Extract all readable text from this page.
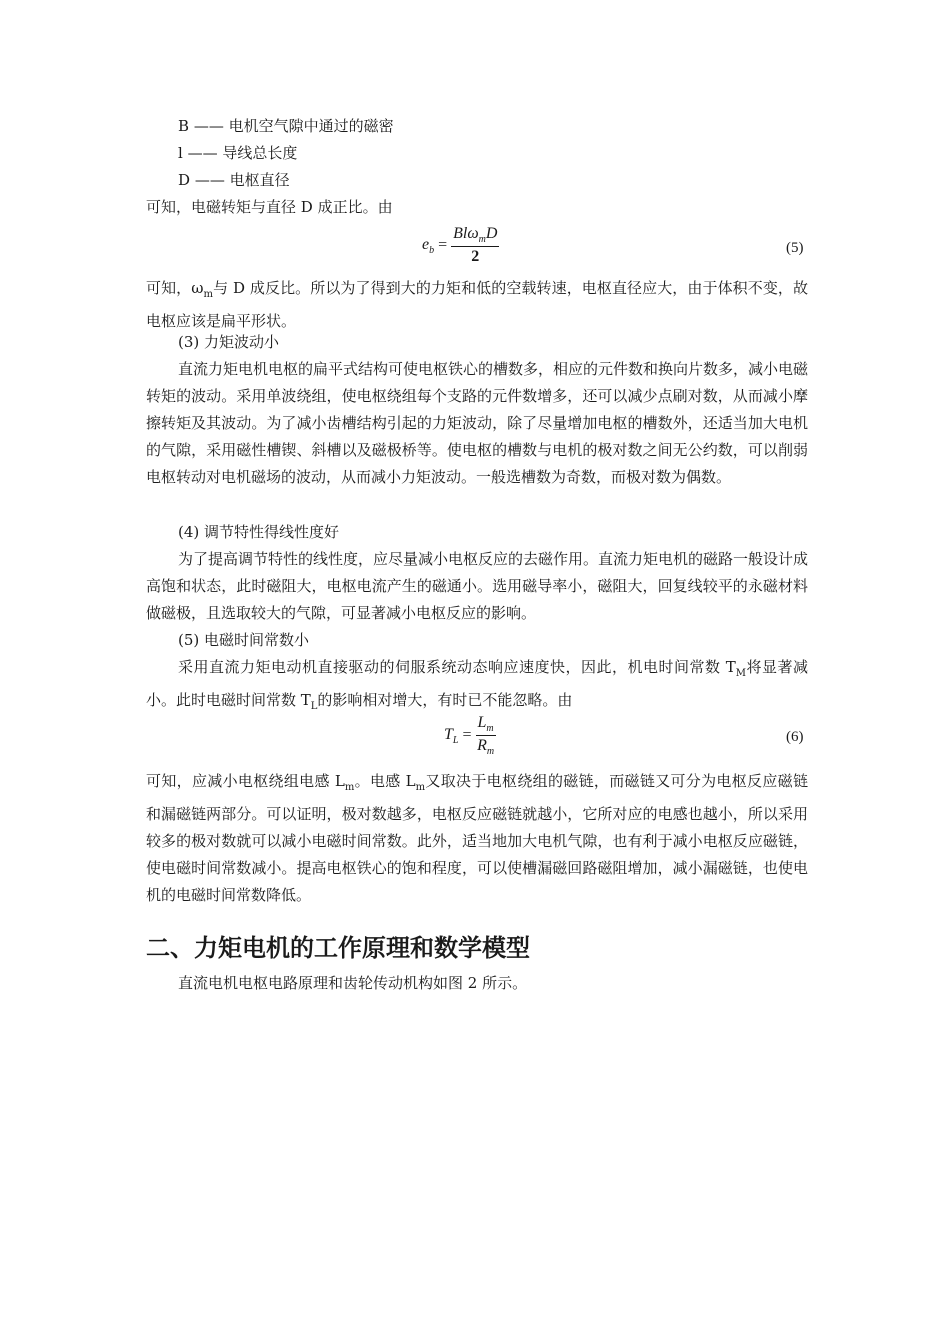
B —— 电机空气隙中通过的磁密
l —— 导线总长度
D —— 电枢直径
可知，电磁转矩与直径 D 成正比。由
$e_b = \frac{Bl\omega_mD}{2}$	(5)
可知，$\omega_m$与 D 成反比。所以为了得到大的力矩和低的空载转速，电枢直径应大，由于体积不变，故电枢应该是扁平形状。
(3) 力矩波动小
直流力矩电机电枢的扁平式结构可使电枢铁心的槽数多，相应的元件数和换向片数多，减小电磁转矩的波动。采用单波绕组，使电枢绕组每个支路的元件数增多，还可以减少点刷对数，从而减小摩擦转矩及其波动。为了减小齿槽结构引起的力矩波动，除了尽量增加电枢的槽数外，还适当加大电机的气隙，采用磁性槽锲、斜槽以及磁极桥等。使电枢的槽数与电机的极对数之间无公约数，可以削弱电枢转动对电机磁场的波动，从而减小力矩波动。一般选槽数为奇数，而极对数为偶数。
(4) 调节特性得线性度好
为了提高调节特性的线性度，应尽量减小电枢反应的去磁作用。直流力矩电机的磁路一般设计成高饱和状态，此时磁阻大，电枢电流产生的磁通小。选用磁导率小，磁阻大，回复线较平的永磁材料做磁极，且选取较大的气隙，可显著减小电枢反应的影响。
(5) 电磁时间常数小
采用直流力矩电动机直接驱动的伺服系统动态响应速度快，因此，机电时间常数 $T_M$将显著减小。此时电磁时间常数 $T_L$的影响相对增大，有时已不能忽略。由
$T_L = \frac{L_m}{R_m}$	(6)
可知，应减小电枢绕组电感 $L_m$。电感 $L_m$又取决于电枢绕组的磁链，而磁链又可分为电枢反应磁链和漏磁链两部分。可以证明，极对数越多，电枢反应磁链就越小，它所对应的电感也越小，所以采用较多的极对数就可以减小电磁时间常数。此外，适当地加大电机气隙，也有利于减小电枢反应磁链，使电磁时间常数减小。提高电枢铁心的饱和程度，可以使槽漏磁回路磁阻增加，减小漏磁链，也使电机的电磁时间常数降低。
二、力矩电机的工作原理和数学模型
直流电机电枢电路原理和齿轮传动机构如图 2 所示。
